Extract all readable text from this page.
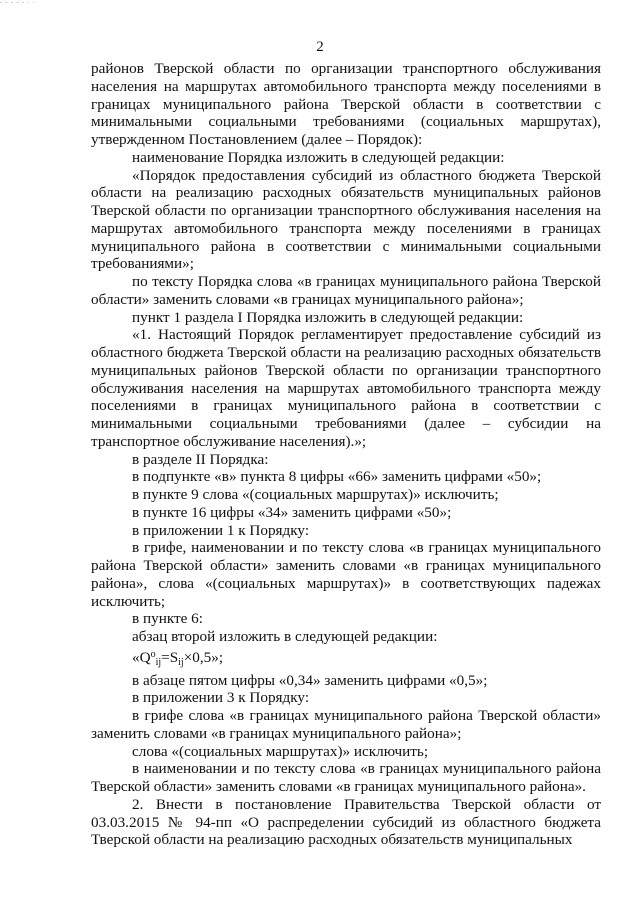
- - - - - · ·
2

районов Тверской области по организации транспортного обслуживания населения на маршрутах автомобильного транспорта между поселениями в границах муниципального района Тверской области в соответствии с минимальными социальными требованиями (социальных маршрутах), утвержденном Постановлением (далее – Порядок):

наименование Порядка изложить в следующей редакции:

«Порядок предоставления субсидий из областного бюджета Тверской области на реализацию расходных обязательств муниципальных районов Тверской области по организации транспортного обслуживания населения на маршрутах автомобильного транспорта между поселениями в границах муниципального района в соответствии с минимальными социальными требованиями»;

по тексту Порядка слова «в границах муниципального района Тверской области» заменить словами «в границах муниципального района»;

пункт 1 раздела I Порядка изложить в следующей редакции:

«1. Настоящий Порядок регламентирует предоставление субсидий из областного бюджета Тверской области на реализацию расходных обязательств муниципальных районов Тверской области по организации транспортного обслуживания населения на маршрутах автомобильного транспорта между поселениями в границах муниципального района в соответствии с минимальными социальными требованиями (далее – субсидии на транспортное обслуживание населения).»;

в разделе II Порядка:

в подпункте «в» пункта 8 цифры «66» заменить цифрами «50»;

в пункте 9 слова «(социальных маршрутах)» исключить;

в пункте 16 цифры «34» заменить цифрами «50»;

в приложении 1 к Порядку:

в грифе, наименовании и по тексту слова «в границах муниципального района Тверской области» заменить словами «в границах муниципального района», слова «(социальных маршрутах)» в соответствующих падежах исключить;

в пункте 6:

абзац второй изложить в следующей редакции:

«$Q^o_{ij}=S_{ij}\times 0,5$»;

в абзаце пятом цифры «0,34» заменить цифрами «0,5»;

в приложении 3 к Порядку:

в грифе слова «в границах муниципального района Тверской области» заменить словами «в границах муниципального района»;

слова «(социальных маршрутах)» исключить;

в наименовании и по тексту слова «в границах муниципального района Тверской области» заменить словами «в границах муниципального района».

2. Внести в постановление Правительства Тверской области от 03.03.2015 № 94-пп «О распределении субсидий из областного бюджета Тверской области на реализацию расходных обязательств муниципальных
